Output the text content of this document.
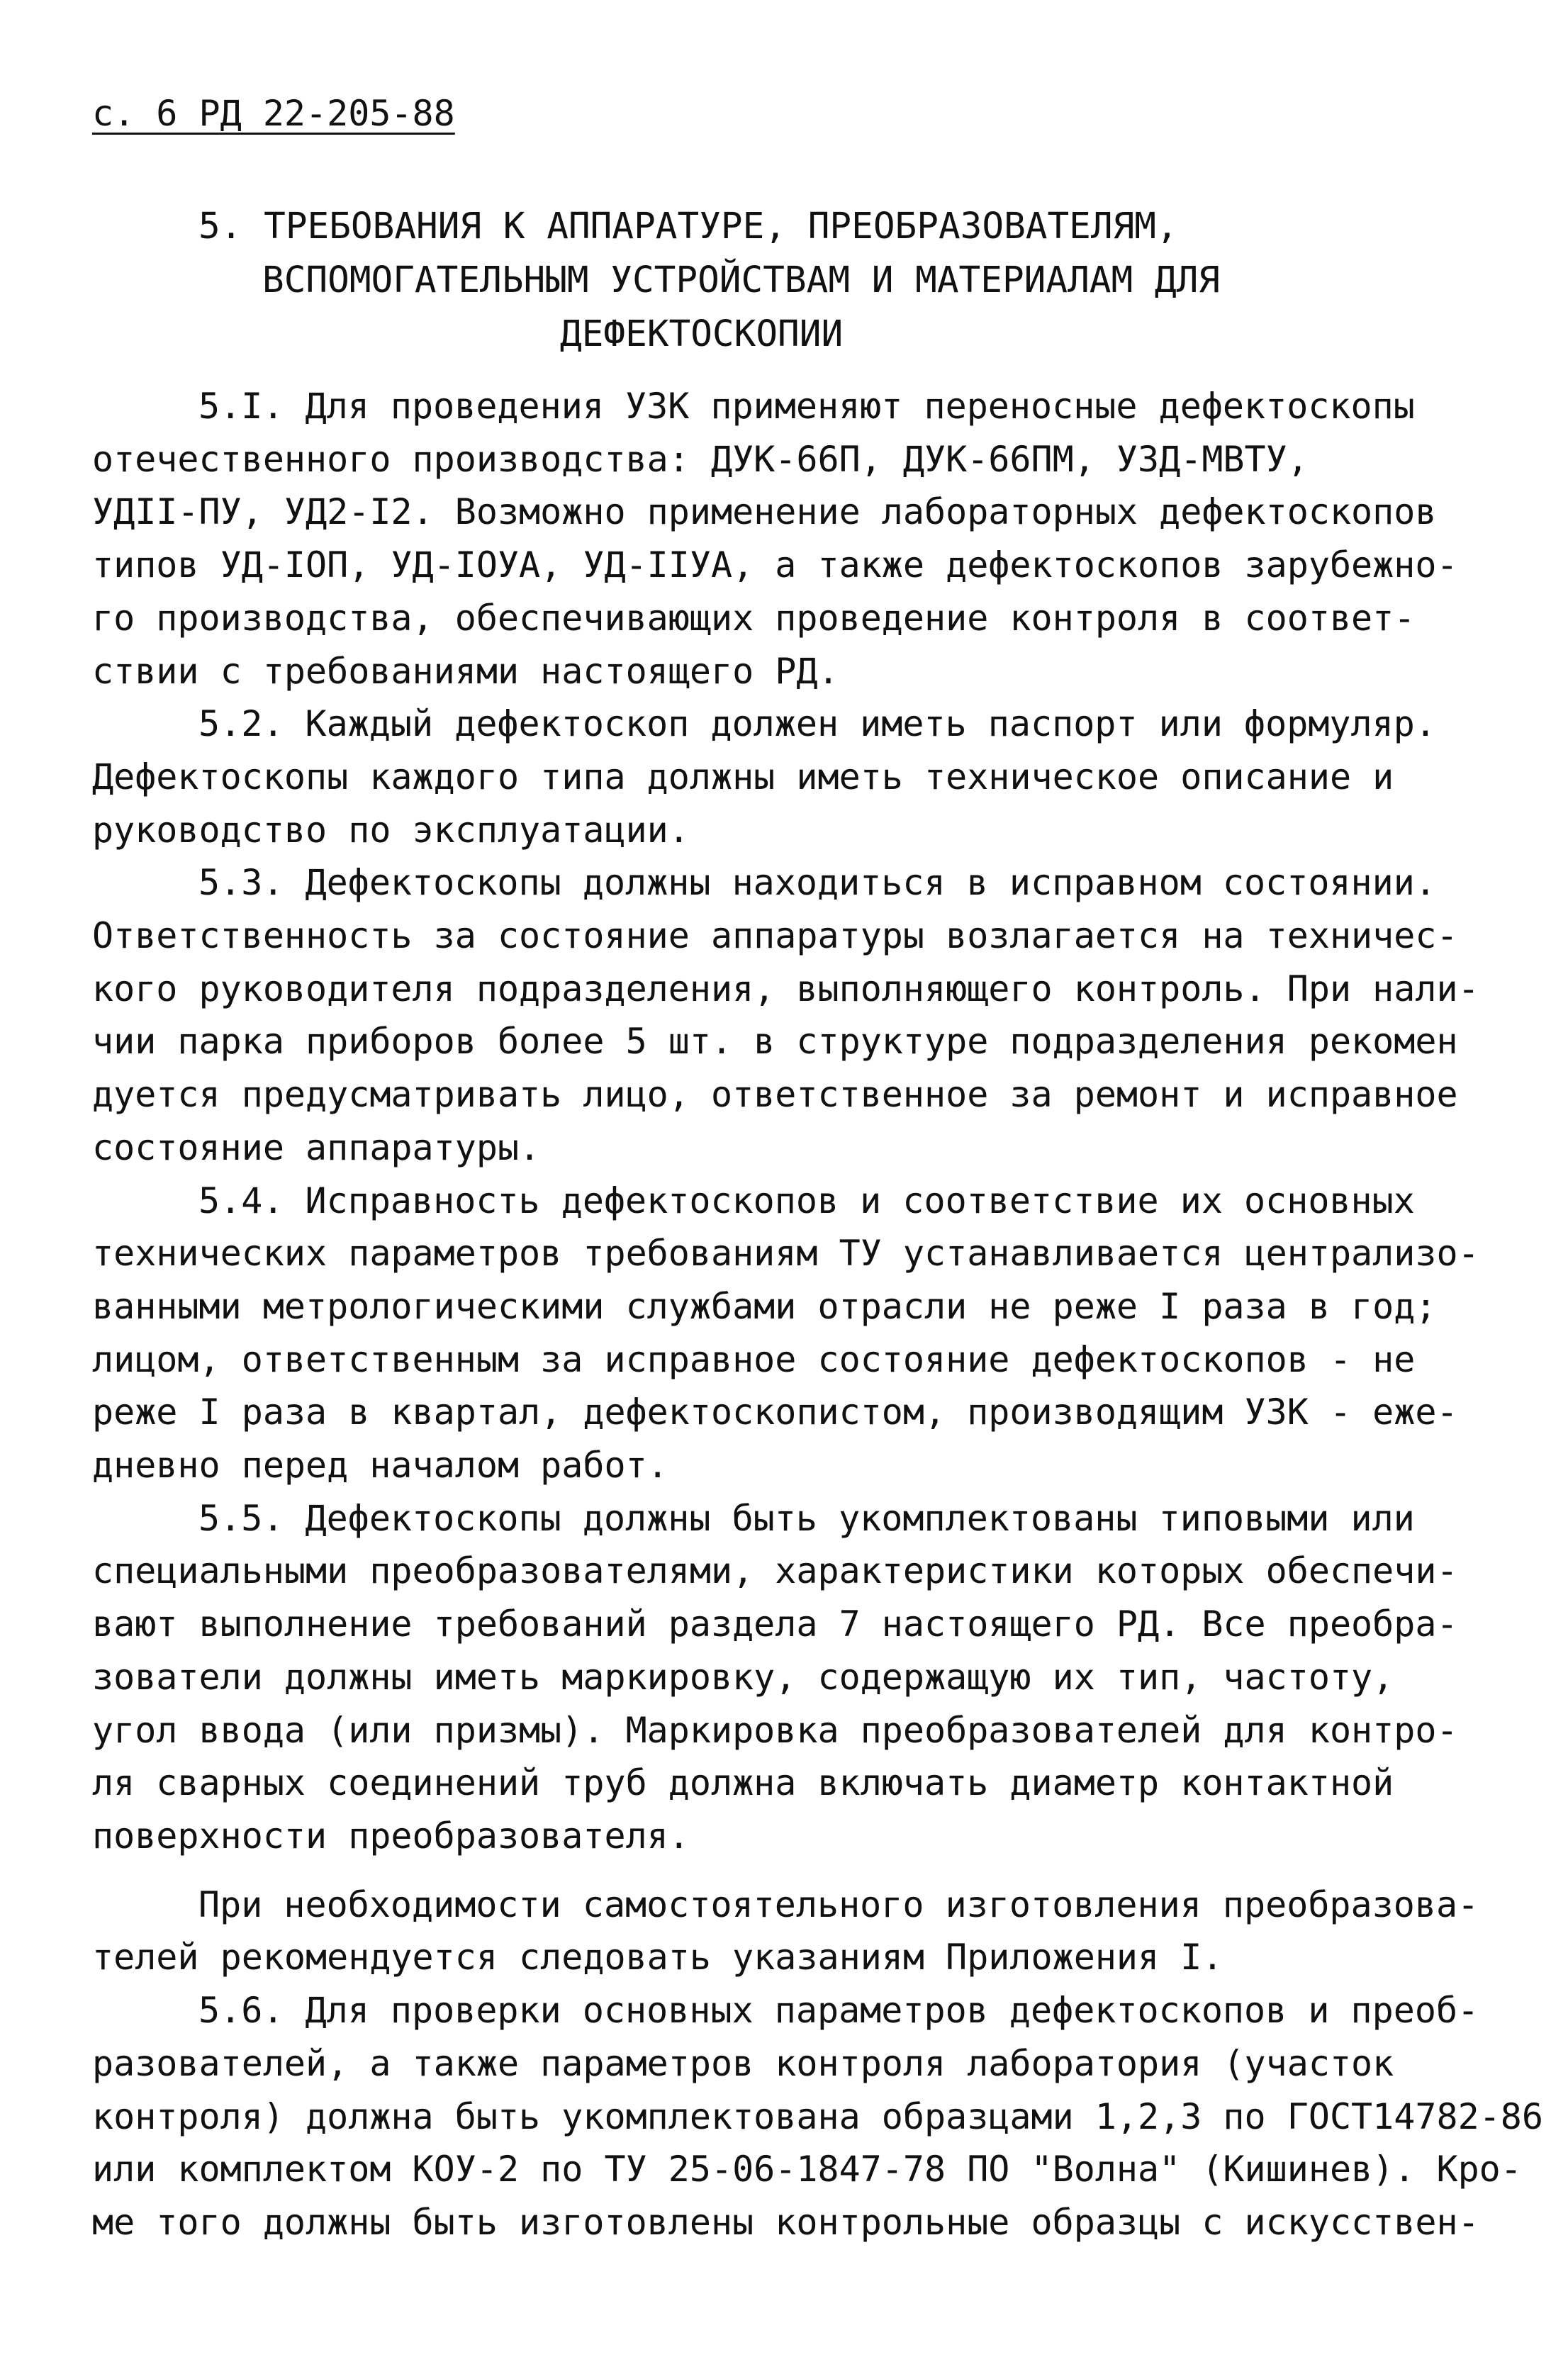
с. 6 РД 22-205-88
5. ТРЕБОВАНИЯ К АППАРАТУРЕ, ПРЕОБРАЗОВАТЕЛЯМ,
ВСПОМОГАТЕЛЬНЫМ УСТРОЙСТВАМ И МАТЕРИАЛАМ ДЛЯ
ДЕФЕКТОСКОПИИ
5.I. Для проведения УЗК применяют переносные дефектоскопы
отечественного производства: ДУК-66П, ДУК-66ПМ, УЗД-МВТУ,
УДII-ПУ, УД2-I2. Возможно применение лабораторных дефектоскопов
типов УД-IОП, УД-IОУА, УД-IIУА, а также дефектоскопов зарубежно-
го производства, обеспечивающих проведение контроля в соответ-
ствии с требованиями настоящего РД.
5.2. Каждый дефектоскоп должен иметь паспорт или формуляр.
Дефектоскопы каждого типа должны иметь техническое описание и
руководство по эксплуатации.
5.3. Дефектоскопы должны находиться в исправном состоянии.
Ответственность за состояние аппаратуры возлагается на техничес-
кого руководителя подразделения, выполняющего контроль. При нали-
чии парка приборов более 5 шт. в структуре подразделения рекомен
дуется предусматривать лицо, ответственное за ремонт и исправное
состояние аппаратуры.
5.4. Исправность дефектоскопов и соответствие их основных
технических параметров требованиям ТУ устанавливается централизо-
ванными метрологическими службами отрасли не реже I раза в год;
лицом, ответственным за исправное состояние дефектоскопов - не
реже I раза в квартал, дефектоскопистом, производящим УЗК - еже-
дневно перед началом работ.
5.5. Дефектоскопы должны быть укомплектованы типовыми или
специальными преобразователями, характеристики которых обеспечи-
вают выполнение требований раздела 7 настоящего РД. Все преобра-
зователи должны иметь маркировку, содержащую их тип, частоту,
угол ввода (или призмы). Маркировка преобразователей для контро-
ля сварных соединений труб должна включать диаметр контактной
поверхности преобразователя.
При необходимости самостоятельного изготовления преобразова-
телей рекомендуется следовать указаниям Приложения I.
5.6. Для проверки основных параметров дефектоскопов и преоб-
разователей, а также параметров контроля лаборатория (участок
контроля) должна быть укомплектована образцами 1,2,3 по ГОСТ14782-86
или комплектом КОУ-2 по ТУ 25-06-1847-78 ПО "Волна" (Кишинев). Кро-
ме того должны быть изготовлены контрольные образцы с искусствен-
